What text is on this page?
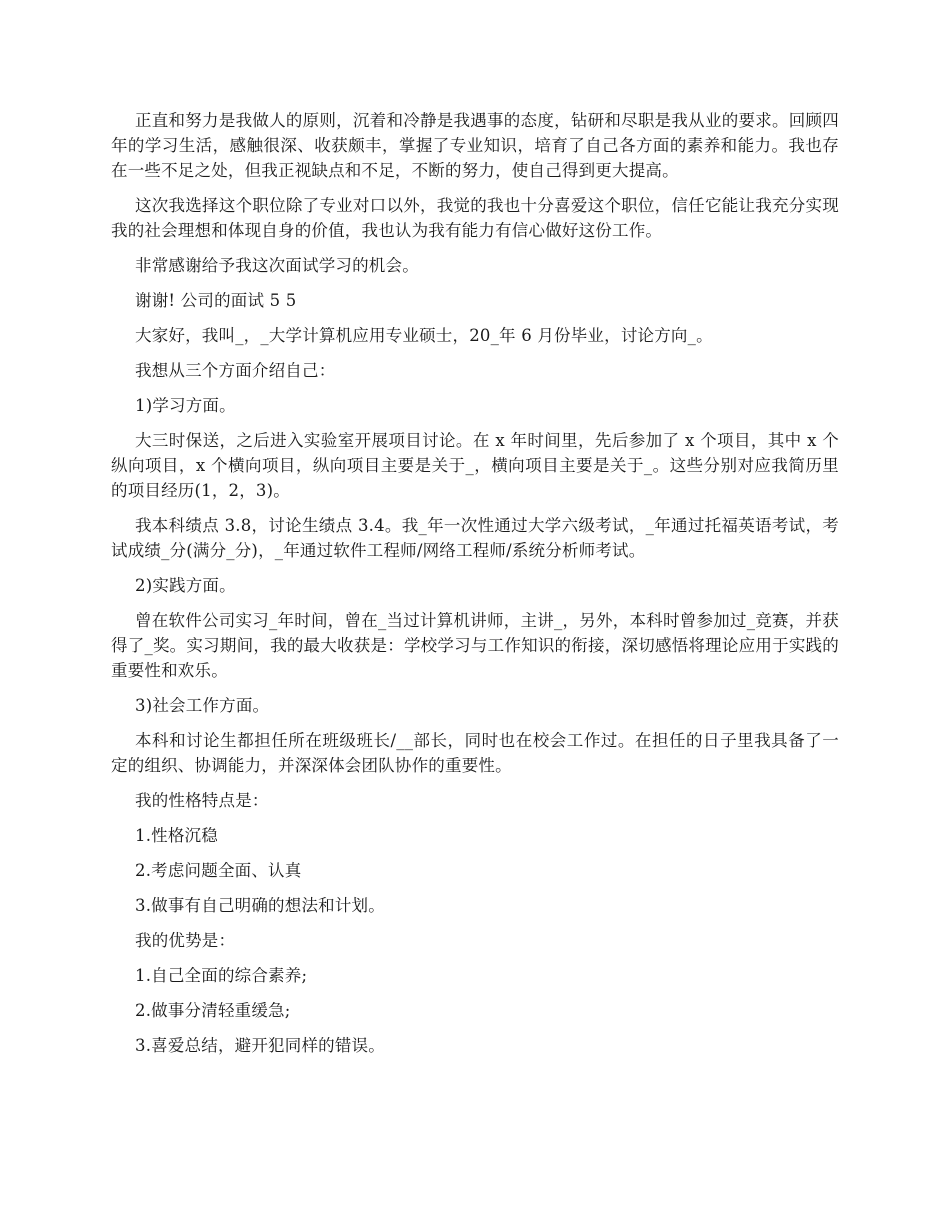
正直和努力是我做人的原则，沉着和冷静是我遇事的态度，钻研和尽职是我从业的要求。回顾四年的学习生活，感触很深、收获颇丰，掌握了专业知识，培育了自己各方面的素养和能力。我也存在一些不足之处，但我正视缺点和不足，不断的努力，使自己得到更大提高。

这次我选择这个职位除了专业对口以外，我觉的我也十分喜爱这个职位，信任它能让我充分实现我的社会理想和体现自身的价值，我也认为我有能力有信心做好这份工作。

非常感谢给予我这次面试学习的机会。

谢谢! 公司的面试 5 5

大家好，我叫_，_大学计算机应用专业硕士，20_年 6 月份毕业，讨论方向_。

我想从三个方面介绍自己：

1)学习方面。

大三时保送，之后进入实验室开展项目讨论。在 x 年时间里，先后参加了 x 个项目，其中 x 个纵向项目，x 个横向项目，纵向项目主要是关于_，横向项目主要是关于_。这些分别对应我简历里的项目经历(1，2，3)。

我本科绩点 3.8，讨论生绩点 3.4。我_年一次性通过大学六级考试，_年通过托福英语考试，考试成绩_分(满分_分)，_年通过软件工程师/网络工程师/系统分析师考试。

2)实践方面。

曾在软件公司实习_年时间，曾在_当过计算机讲师，主讲_，另外，本科时曾参加过_竞赛，并获得了_奖。实习期间，我的最大收获是：学校学习与工作知识的衔接，深切感悟将理论应用于实践的重要性和欢乐。

3)社会工作方面。

本科和讨论生都担任所在班级班长/__部长，同时也在校会工作过。在担任的日子里我具备了一定的组织、协调能力，并深深体会团队协作的重要性。

我的性格特点是：

1.性格沉稳

2.考虑问题全面、认真

3.做事有自己明确的想法和计划。

我的优势是：

1.自己全面的综合素养;

2.做事分清轻重缓急;

3.喜爱总结，避开犯同样的错误。
